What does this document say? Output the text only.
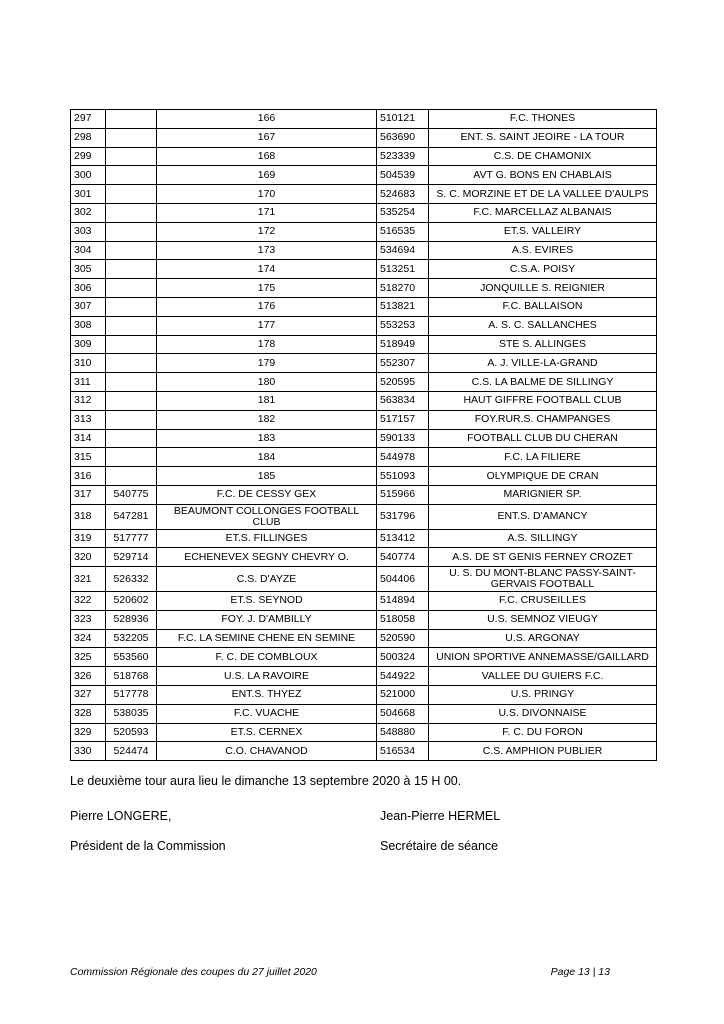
297		166	510121	F.C. THONES
298		167	563690	ENT. S. SAINT JEOIRE - LA TOUR
299		168	523339	C.S. DE CHAMONIX
300		169	504539	AVT G. BONS EN CHABLAIS
301		170	524683	S. C. MORZINE ET DE LA VALLEE D'AULPS
302		171	535254	F.C. MARCELLAZ ALBANAIS
303		172	516535	ET.S. VALLEIRY
304		173	534694	A.S. EVIRES
305		174	513251	C.S.A. POISY
306		175	518270	JONQUILLE S. REIGNIER
307		176	513821	F.C. BALLAISON
308		177	553253	A. S. C. SALLANCHES
309		178	518949	STE S. ALLINGES
310		179	552307	A. J. VILLE-LA-GRAND
311		180	520595	C.S. LA BALME DE SILLINGY
312		181	563834	HAUT GIFFRE FOOTBALL CLUB
313		182	517157	FOY.RUR.S. CHAMPANGES
314		183	590133	FOOTBALL CLUB DU CHERAN
315		184	544978	F.C. LA FILIERE
316		185	551093	OLYMPIQUE DE CRAN
317	540775	F.C. DE CESSY GEX	515966	MARIGNIER SP.
318	547281	BEAUMONT COLLONGES FOOTBALL CLUB	531796	ENT.S. D'AMANCY
319	517777	ET.S. FILLINGES	513412	A.S. SILLINGY
320	529714	ECHENEVEX SEGNY CHEVRY O.	540774	A.S. DE ST GENIS FERNEY CROZET
321	526332	C.S. D'AYZE	504406	U. S. DU MONT-BLANC PASSY-SAINT-GERVAIS FOOTBALL
322	520602	ET.S. SEYNOD	514894	F.C. CRUSEILLES
323	528936	FOY. J. D'AMBILLY	518058	U.S. SEMNOZ VIEUGY
324	532205	F.C. LA SEMINE CHENE EN SEMINE	520590	U.S. ARGONAY
325	553560	F. C. DE COMBLOUX	500324	UNION SPORTIVE ANNEMASSE/GAILLARD
326	518768	U.S. LA RAVOIRE	544922	VALLEE DU GUIERS F.C.
327	517778	ENT.S. THYEZ	521000	U.S. PRINGY
328	538035	F.C. VUACHE	504668	U.S. DIVONNAISE
329	520593	ET.S. CERNEX	548880	F. C. DU FORON
330	524474	C.O. CHAVANOD	516534	C.S. AMPHION PUBLIER
Le deuxième tour aura lieu le dimanche 13 septembre 2020 à 15 H 00.
Pierre LONGERE,	Jean-Pierre HERMEL
Président de la Commission	Secrétaire de séance
Commission Régionale des coupes du 27 juillet 2020	Page 13 | 13
